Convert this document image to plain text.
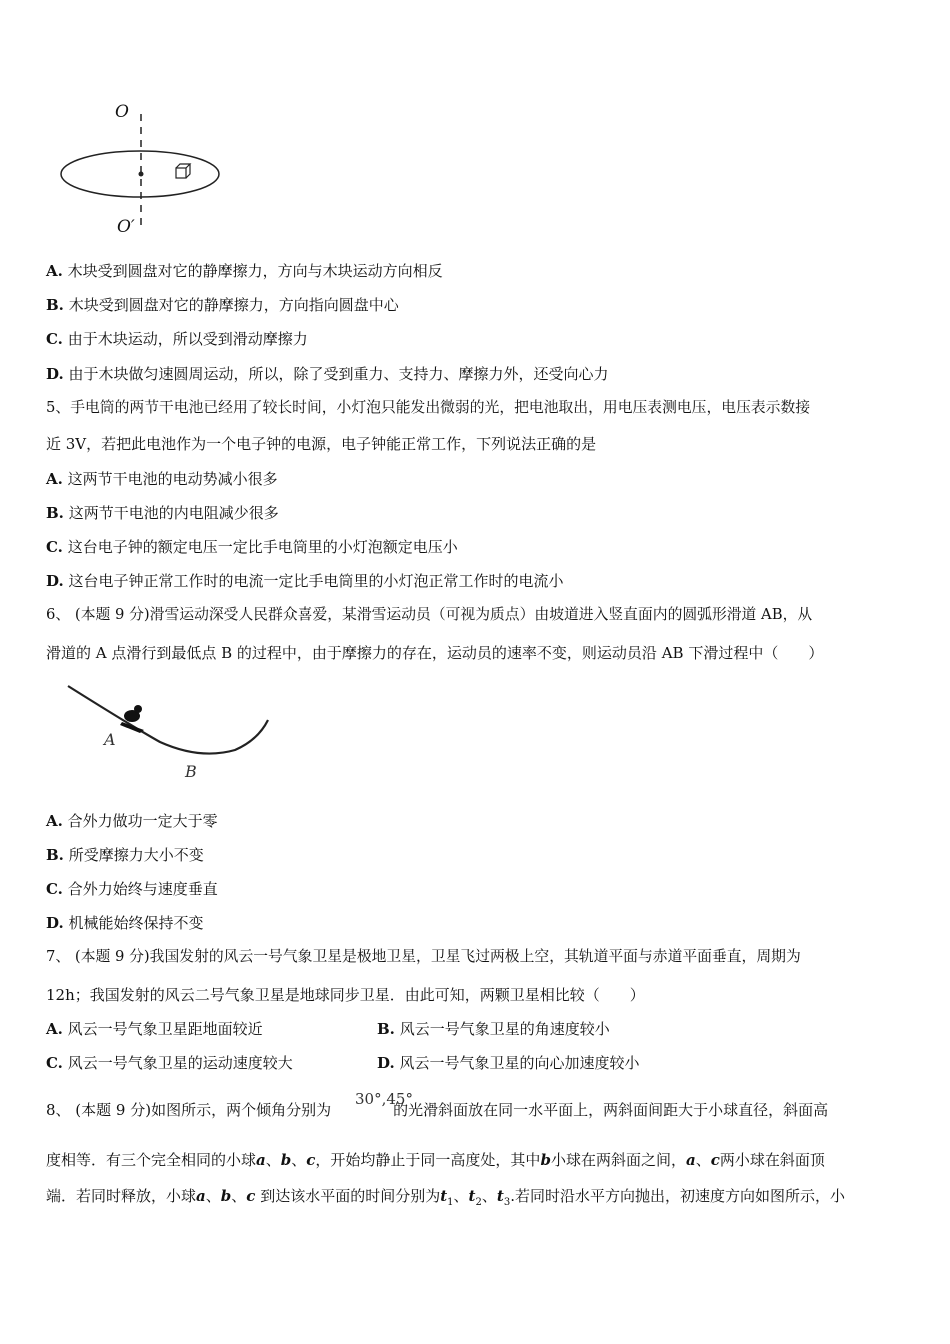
O
O′
A. 木块受到圆盘对它的静摩擦力，方向与木块运动方向相反
B. 木块受到圆盘对它的静摩擦力，方向指向圆盘中心
C. 由于木块运动，所以受到滑动摩擦力
D. 由于木块做匀速圆周运动，所以，除了受到重力、支持力、摩擦力外，还受向心力
5、手电筒的两节干电池已经用了较长时间，小灯泡只能发出微弱的光，把电池取出，用电压表测电压，电压表示数接
近 3V，若把此电池作为一个电子钟的电源，电子钟能正常工作，下列说法正确的是
A. 这两节干电池的电动势减小很多
B. 这两节干电池的内电阻减少很多
C. 这台电子钟的额定电压一定比手电筒里的小灯泡额定电压小
D. 这台电子钟正常工作时的电流一定比手电筒里的小灯泡正常工作时的电流小
6、 (本题 9 分)滑雪运动深受人民群众喜爱，某滑雪运动员（可视为质点）由坡道进入竖直面内的圆弧形滑道 AB，从
滑道的 A 点滑行到最低点 B 的过程中，由于摩擦力的存在，运动员的速率不变，则运动员沿 AB 下滑过程中（　　）
A
B
A. 合外力做功一定大于零
B. 所受摩擦力大小不变
C. 合外力始终与速度垂直
D. 机械能始终保持不变
7、 (本题 9 分)我国发射的风云一号气象卫星是极地卫星，卫星飞过两极上空，其轨道平面与赤道平面垂直，周期为
12h；我国发射的风云二号气象卫星是地球同步卫星．由此可知，两颗卫星相比较（　　）
A. 风云一号气象卫星距地面较近	B. 风云一号气象卫星的角速度较小
C. 风云一号气象卫星的运动速度较大	D. 风云一号气象卫星的向心加速度较小
8、 (本题 9 分)如图所示，两个倾角分别为	的光滑斜面放在同一水平面上，两斜面间距大于小球直径，斜面高
30°,45°
度相等．有三个完全相同的小球a、b、c，开始均静止于同一高度处，其中b小球在两斜面之间，a、c两小球在斜面顶
端．若同时释放，小球a、b、c 到达该水平面的时间分别为$t_1$、$t_2$、$t_3$.若同时沿水平方向抛出，初速度方向如图所示，小
